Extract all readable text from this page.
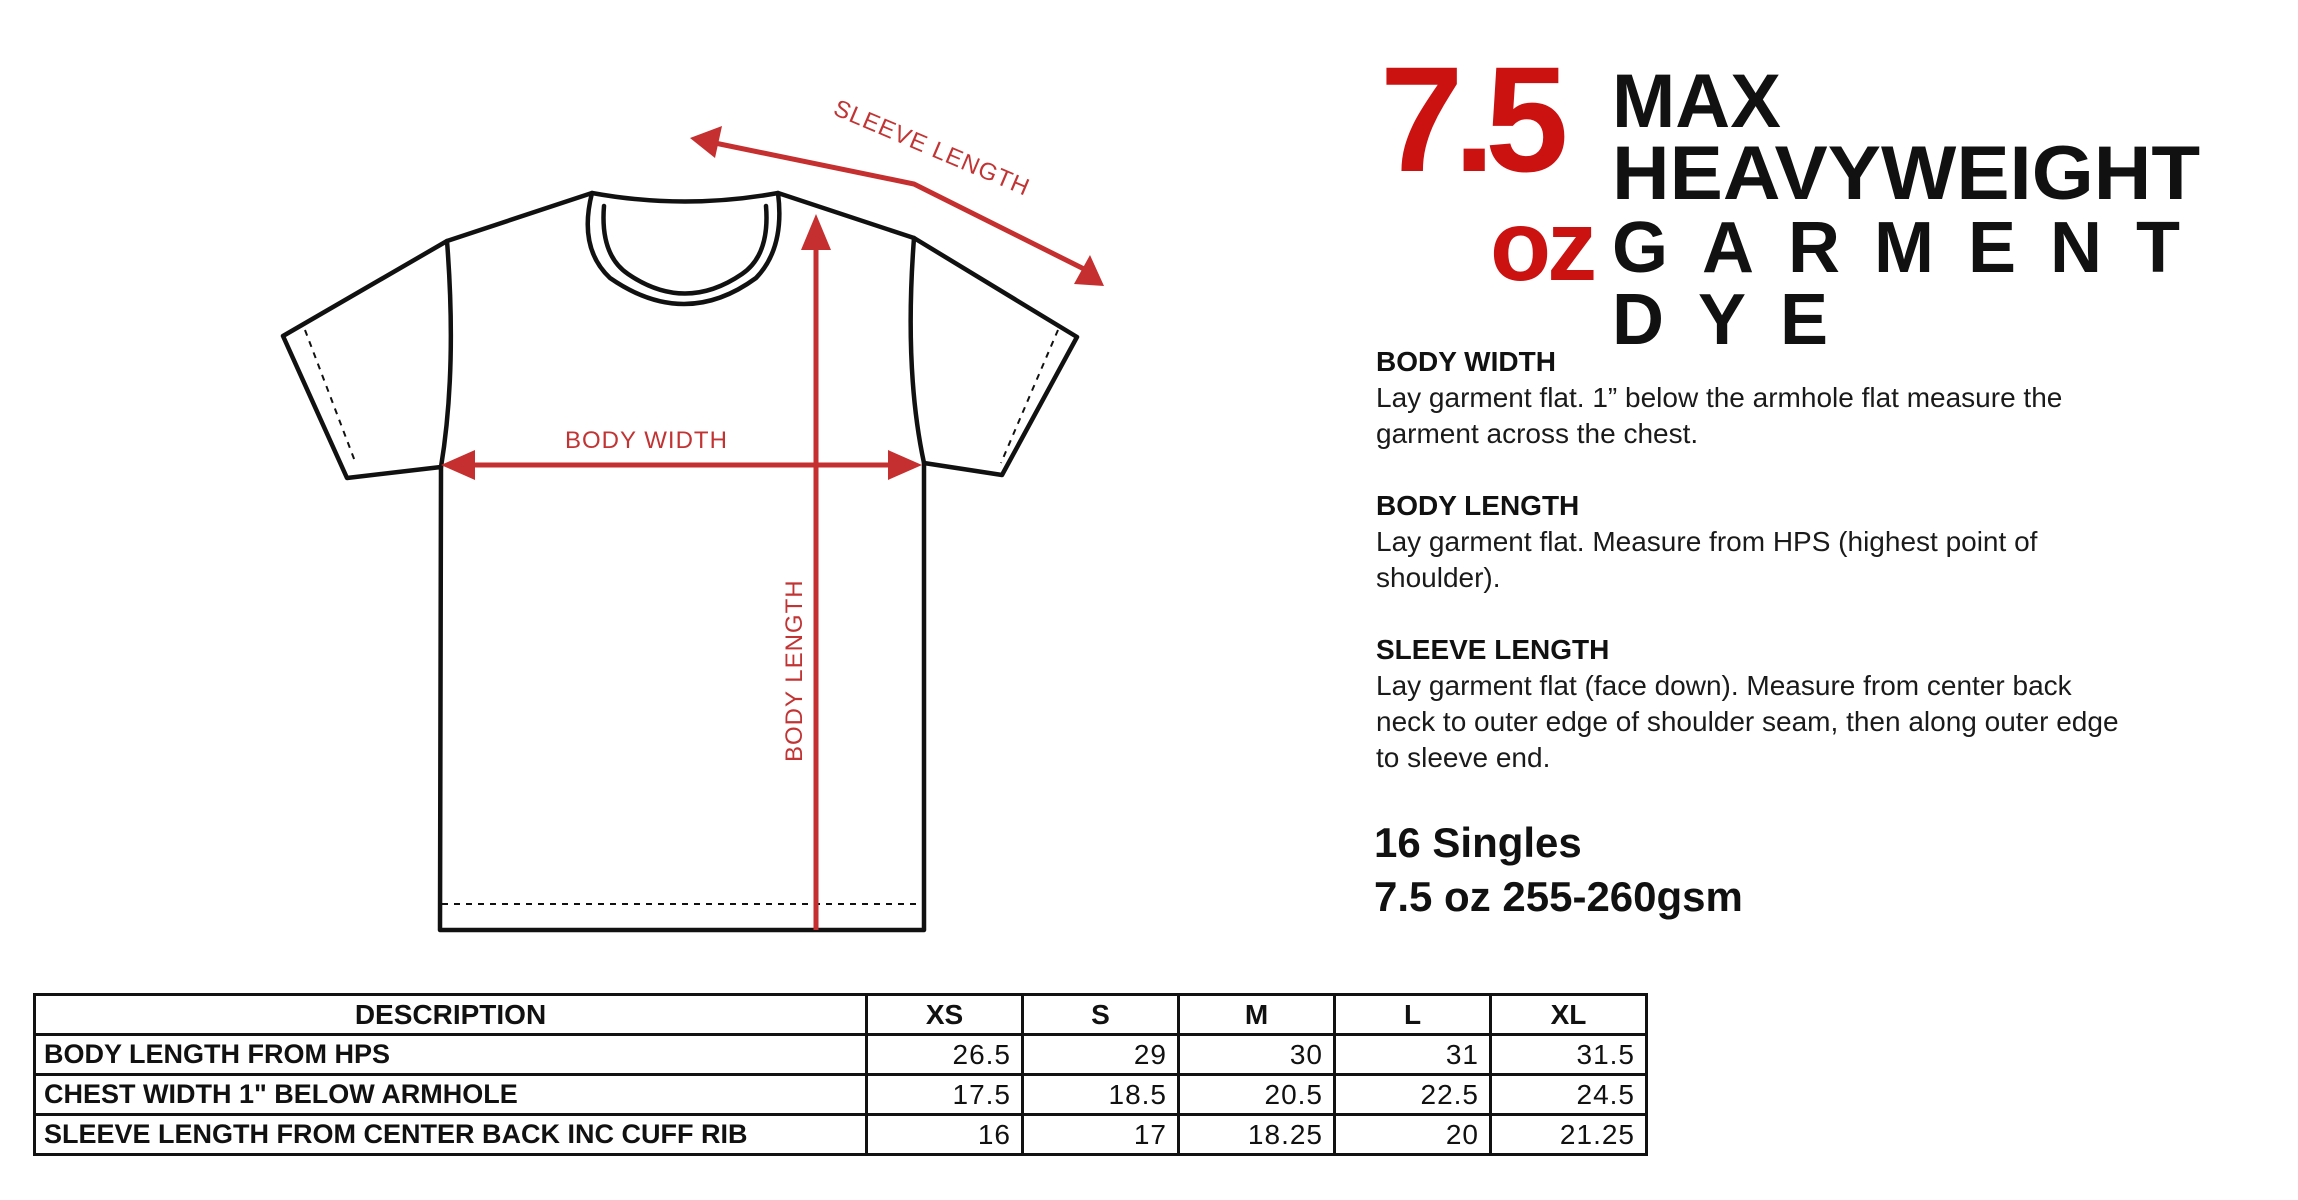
SLEEVE LENGTH
BODY WIDTH
BODY LENGTH
7.5
oz
MAX
HEAVYWEIGHT
GARMENT DYE
BODY WIDTH
Lay garment flat. 1” below the armhole flat measure the garment across the chest.
BODY LENGTH
Lay garment flat. Measure from HPS (highest point of shoulder).
SLEEVE LENGTH
Lay garment flat (face down). Measure from center back neck to outer edge of shoulder seam, then along outer edge to sleeve end.
16 Singles
7.5 oz 255-260gsm
DESCRIPTION	XS	S	M	L	XL
BODY LENGTH FROM HPS	26.5	29	30	31	31.5
CHEST WIDTH 1" BELOW ARMHOLE	17.5	18.5	20.5	22.5	24.5
SLEEVE LENGTH FROM CENTER BACK INC CUFF RIB	16	17	18.25	20	21.25
